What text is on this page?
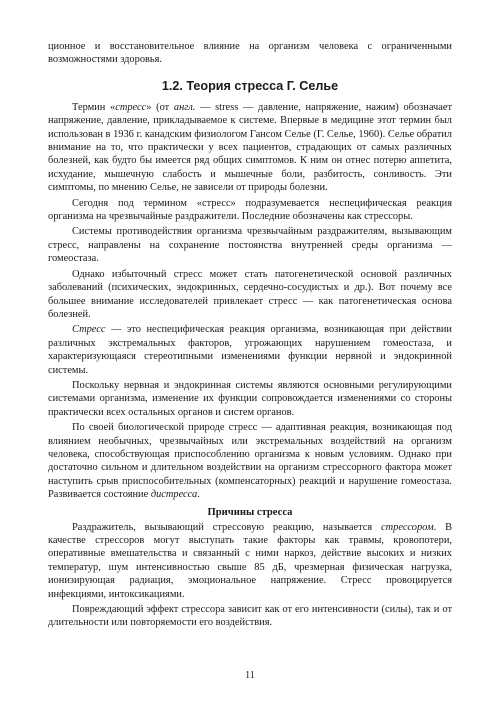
ционное и восстановительное влияние на организм человека с ограниченными возможностями здоровья.

1.2. Теория стресса Г. Селье

Термин «стресс» (от англ. — stress — давление, напряжение, нажим) обозначает напряжение, давление, прикладываемое к системе. Впервые в медицине этот термин был использован в 1936 г. канадским физиологом Гансом Селье (Г. Селье, 1960). Селье обратил внимание на то, что практически у всех пациентов, страдающих от самых различных болезней, как будто бы имеется ряд общих симптомов. К ним он отнес потерю аппетита, исхудание, мышечную слабость и мышечные боли, разбитость, сонливость. Эти симптомы, по мнению Селье, не зависели от природы болезни.

Сегодня под термином «стресс» подразумевается неспецифическая реакция организма на чрезвычайные раздражители. Последние обозначены как стрессоры.

Системы противодействия организма чрезвычайным раздражителям, вызывающим стресс, направлены на сохранение постоянства внутренней среды организма — гомеостаза.

Однако избыточный стресс может стать патогенетической основой различных заболеваний (психических, эндокринных, сердечно-сосудистых и др.). Вот почему все большее внимание исследователей привлекает стресс — как патогенетическая основа болезней.

Стресс — это неспецифическая реакция организма, возникающая при действии различных экстремальных факторов, угрожающих нарушением гомеостаза, и характеризующаяся стереотипными изменениями функции нервной и эндокринной системы.

Поскольку нервная и эндокринная системы являются основными регулирующими системами организма, изменение их функции сопровождается изменениями со стороны практически всех остальных органов и систем органов.

По своей биологической природе стресс — адаптивная реакция, возникающая под влиянием необычных, чрезвычайных или экстремальных воздействий на организм человека, способствующая приспособлению организма к новым условиям. Однако при достаточно сильном и длительном воздействии на организм стрессорного фактора может наступить срыв приспособительных (компенсаторных) реакций и нарушение гомеостаза. Развивается состояние дистресса.

Причины стресса

Раздражитель, вызывающий стрессовую реакцию, называется стрессором. В качестве стрессоров могут выступать такие факторы как травмы, кровопотери, оперативные вмешательства и связанный с ними наркоз, действие высоких и низких температур, шум интенсивностью свыше 85 дБ, чрезмерная физическая нагрузка, ионизирующая радиация, эмоциональное напряжение. Стресс провоцируется инфекциями, интоксикациями.

Повреждающий эффект стрессора зависит как от его интенсивности (силы), так и от длительности или повторяемости его воздействия.

11
